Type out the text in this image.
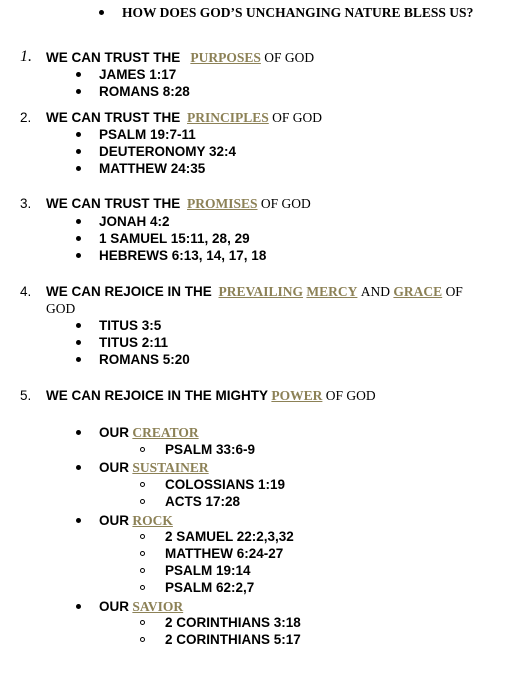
HOW DOES GOD’S UNCHANGING NATURE BLESS US?
1. WE CAN TRUST THE PURPOSES OF GOD
JAMES 1:17
ROMANS 8:28
2. WE CAN TRUST THE PRINCIPLES OF GOD
PSALM 19:7-11
DEUTERONOMY 32:4
MATTHEW 24:35
3. WE CAN TRUST THE PROMISES OF GOD
JONAH 4:2
1 SAMUEL 15:11, 28, 29
HEBREWS 6:13, 14, 17, 18
4. WE CAN REJOICE IN THE PREVAILING MERCY AND GRACE OF
GOD
TITUS 3:5
TITUS 2:11
ROMANS 5:20
5. WE CAN REJOICE IN THE MIGHTY POWER OF GOD
OUR CREATOR
PSALM 33:6-9
OUR SUSTAINER
COLOSSIANS 1:19
ACTS 17:28
OUR ROCK
2 SAMUEL 22:2,3,32
MATTHEW 6:24-27
PSALM 19:14
PSALM 62:2,7
OUR SAVIOR
2 CORINTHIANS 3:18
2 CORINTHIANS 5:17
